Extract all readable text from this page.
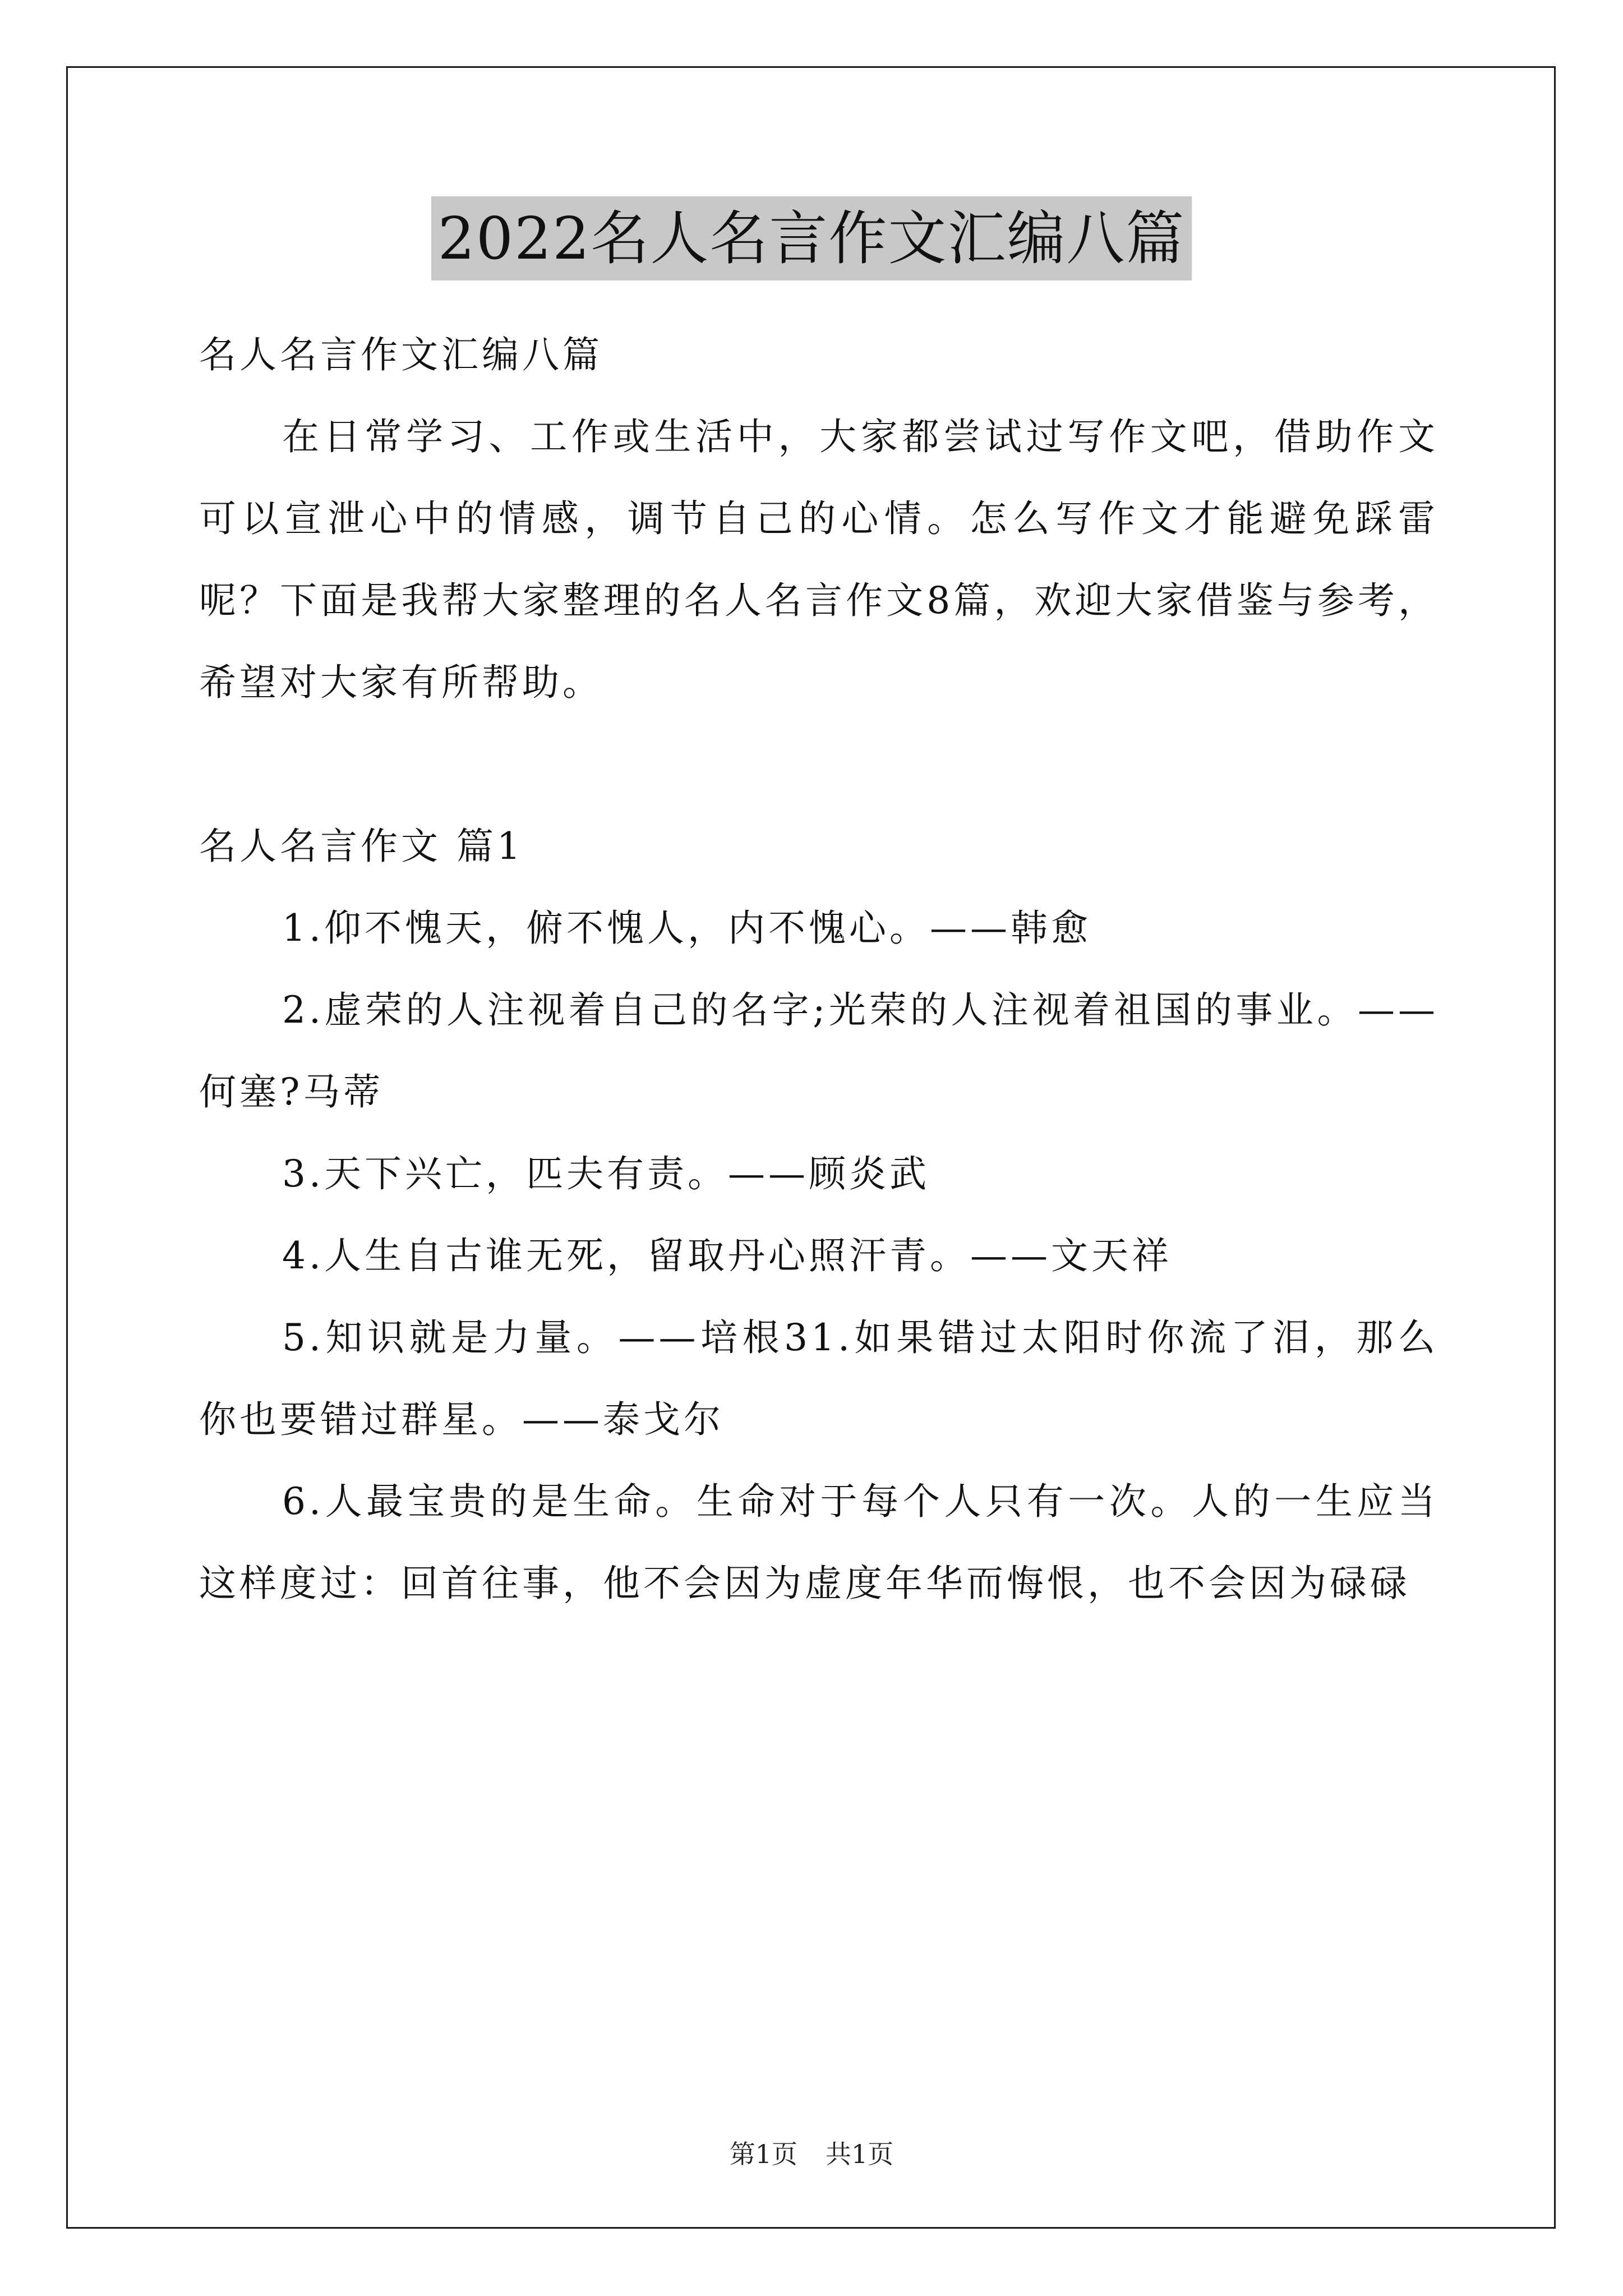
2022名人名言作文汇编八篇

名人名言作文汇编八篇

在日常学习、工作或生活中，大家都尝试过写作文吧，借助作文可以宣泄心中的情感，调节自己的心情。怎么写作文才能避免踩雷呢？下面是我帮大家整理的名人名言作文8篇，欢迎大家借鉴与参考，希望对大家有所帮助。

名人名言作文 篇1

1.仰不愧天，俯不愧人，内不愧心。——韩愈

2.虚荣的人注视着自己的名字;光荣的人注视着祖国的事业。——何塞?马蒂

3.天下兴亡，匹夫有责。——顾炎武

4.人生自古谁无死，留取丹心照汗青。——文天祥

5.知识就是力量。——培根31.如果错过太阳时你流了泪，那么你也要错过群星。——泰戈尔

6.人最宝贵的是生命。生命对于每个人只有一次。人的一生应当这样度过：回首往事，他不会因为虚度年华而悔恨，也不会因为碌碌

第1页 共1页
